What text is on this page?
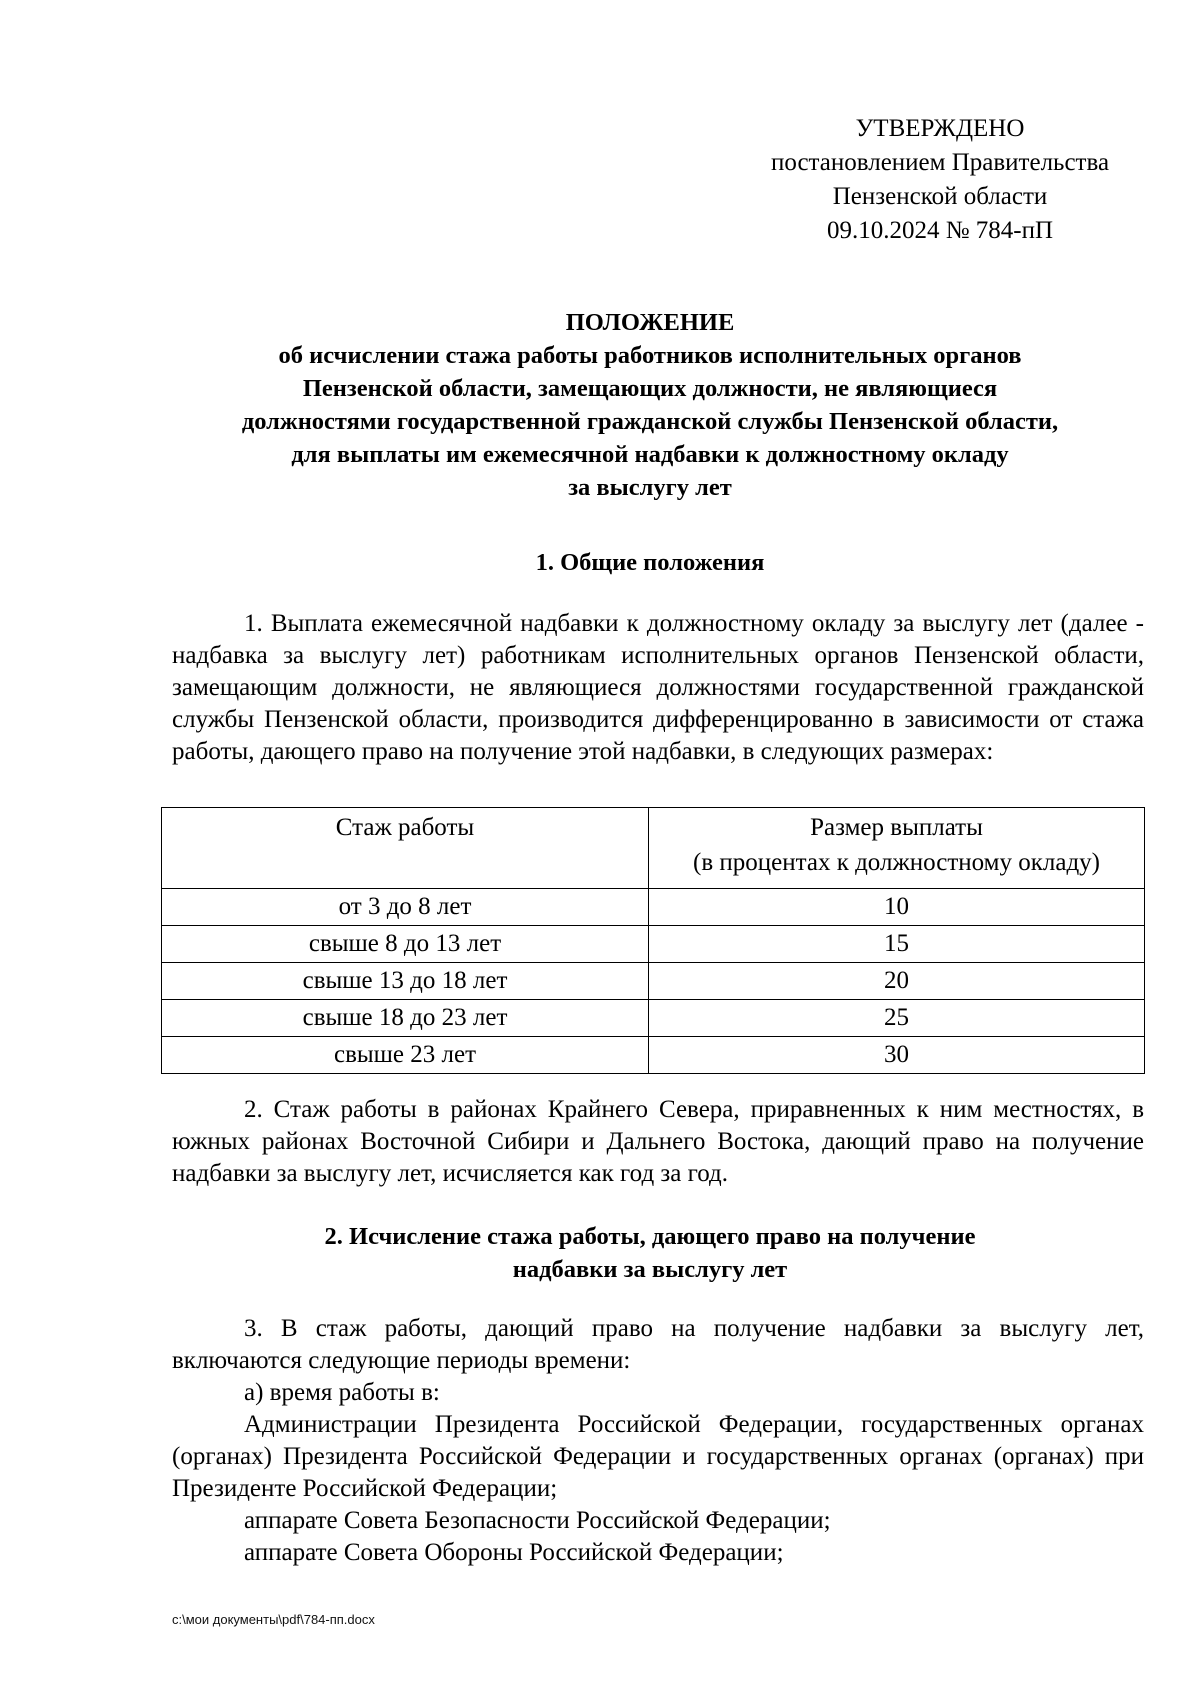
УТВЕРЖДЕНО
постановлением Правительства
Пензенской области
09.10.2024 № 784-пП
ПОЛОЖЕНИЕ
об исчислении стажа работы работников исполнительных органов
Пензенской области, замещающих должности, не являющиеся
должностями государственной гражданской службы Пензенской области,
для выплаты им ежемесячной надбавки к должностному окладу
за выслугу лет
1. Общие положения

1. Выплата ежемесячной надбавки к должностному окладу за выслугу лет (далее - надбавка за выслугу лет) работникам исполнительных органов Пензенской области, замещающим должности, не являющиеся должностями государственной гражданской службы Пензенской области, производится дифференцированно в зависимости от стажа работы, дающего право на получение этой надбавки, в следующих размерах:

Стаж работы	Размер выплаты
(в процентах к должностному окладу)

от 3 до 8 лет	10
свыше 8 до 13 лет	15
свыше 13 до 18 лет	20
свыше 18 до 23 лет	25
свыше 23 лет	30

2. Стаж работы в районах Крайнего Севера, приравненных к ним местностях, в южных районах Восточной Сибири и Дальнего Востока, дающий право на получение надбавки за выслугу лет, исчисляется как год за год.

2. Исчисление стажа работы, дающего право на получение
надбавки за выслугу лет

3. В стаж работы, дающий право на получение надбавки за выслугу лет, включаются следующие периоды времени:

а) время работы в:

Администрации Президента Российской Федерации, государственных органах (органах) Президента Российской Федерации и государственных органах (органах) при Президенте Российской Федерации;

аппарате Совета Безопасности Российской Федерации;

аппарате Совета Обороны Российской Федерации;

c:\мои документы\pdf\784-пп.docx
